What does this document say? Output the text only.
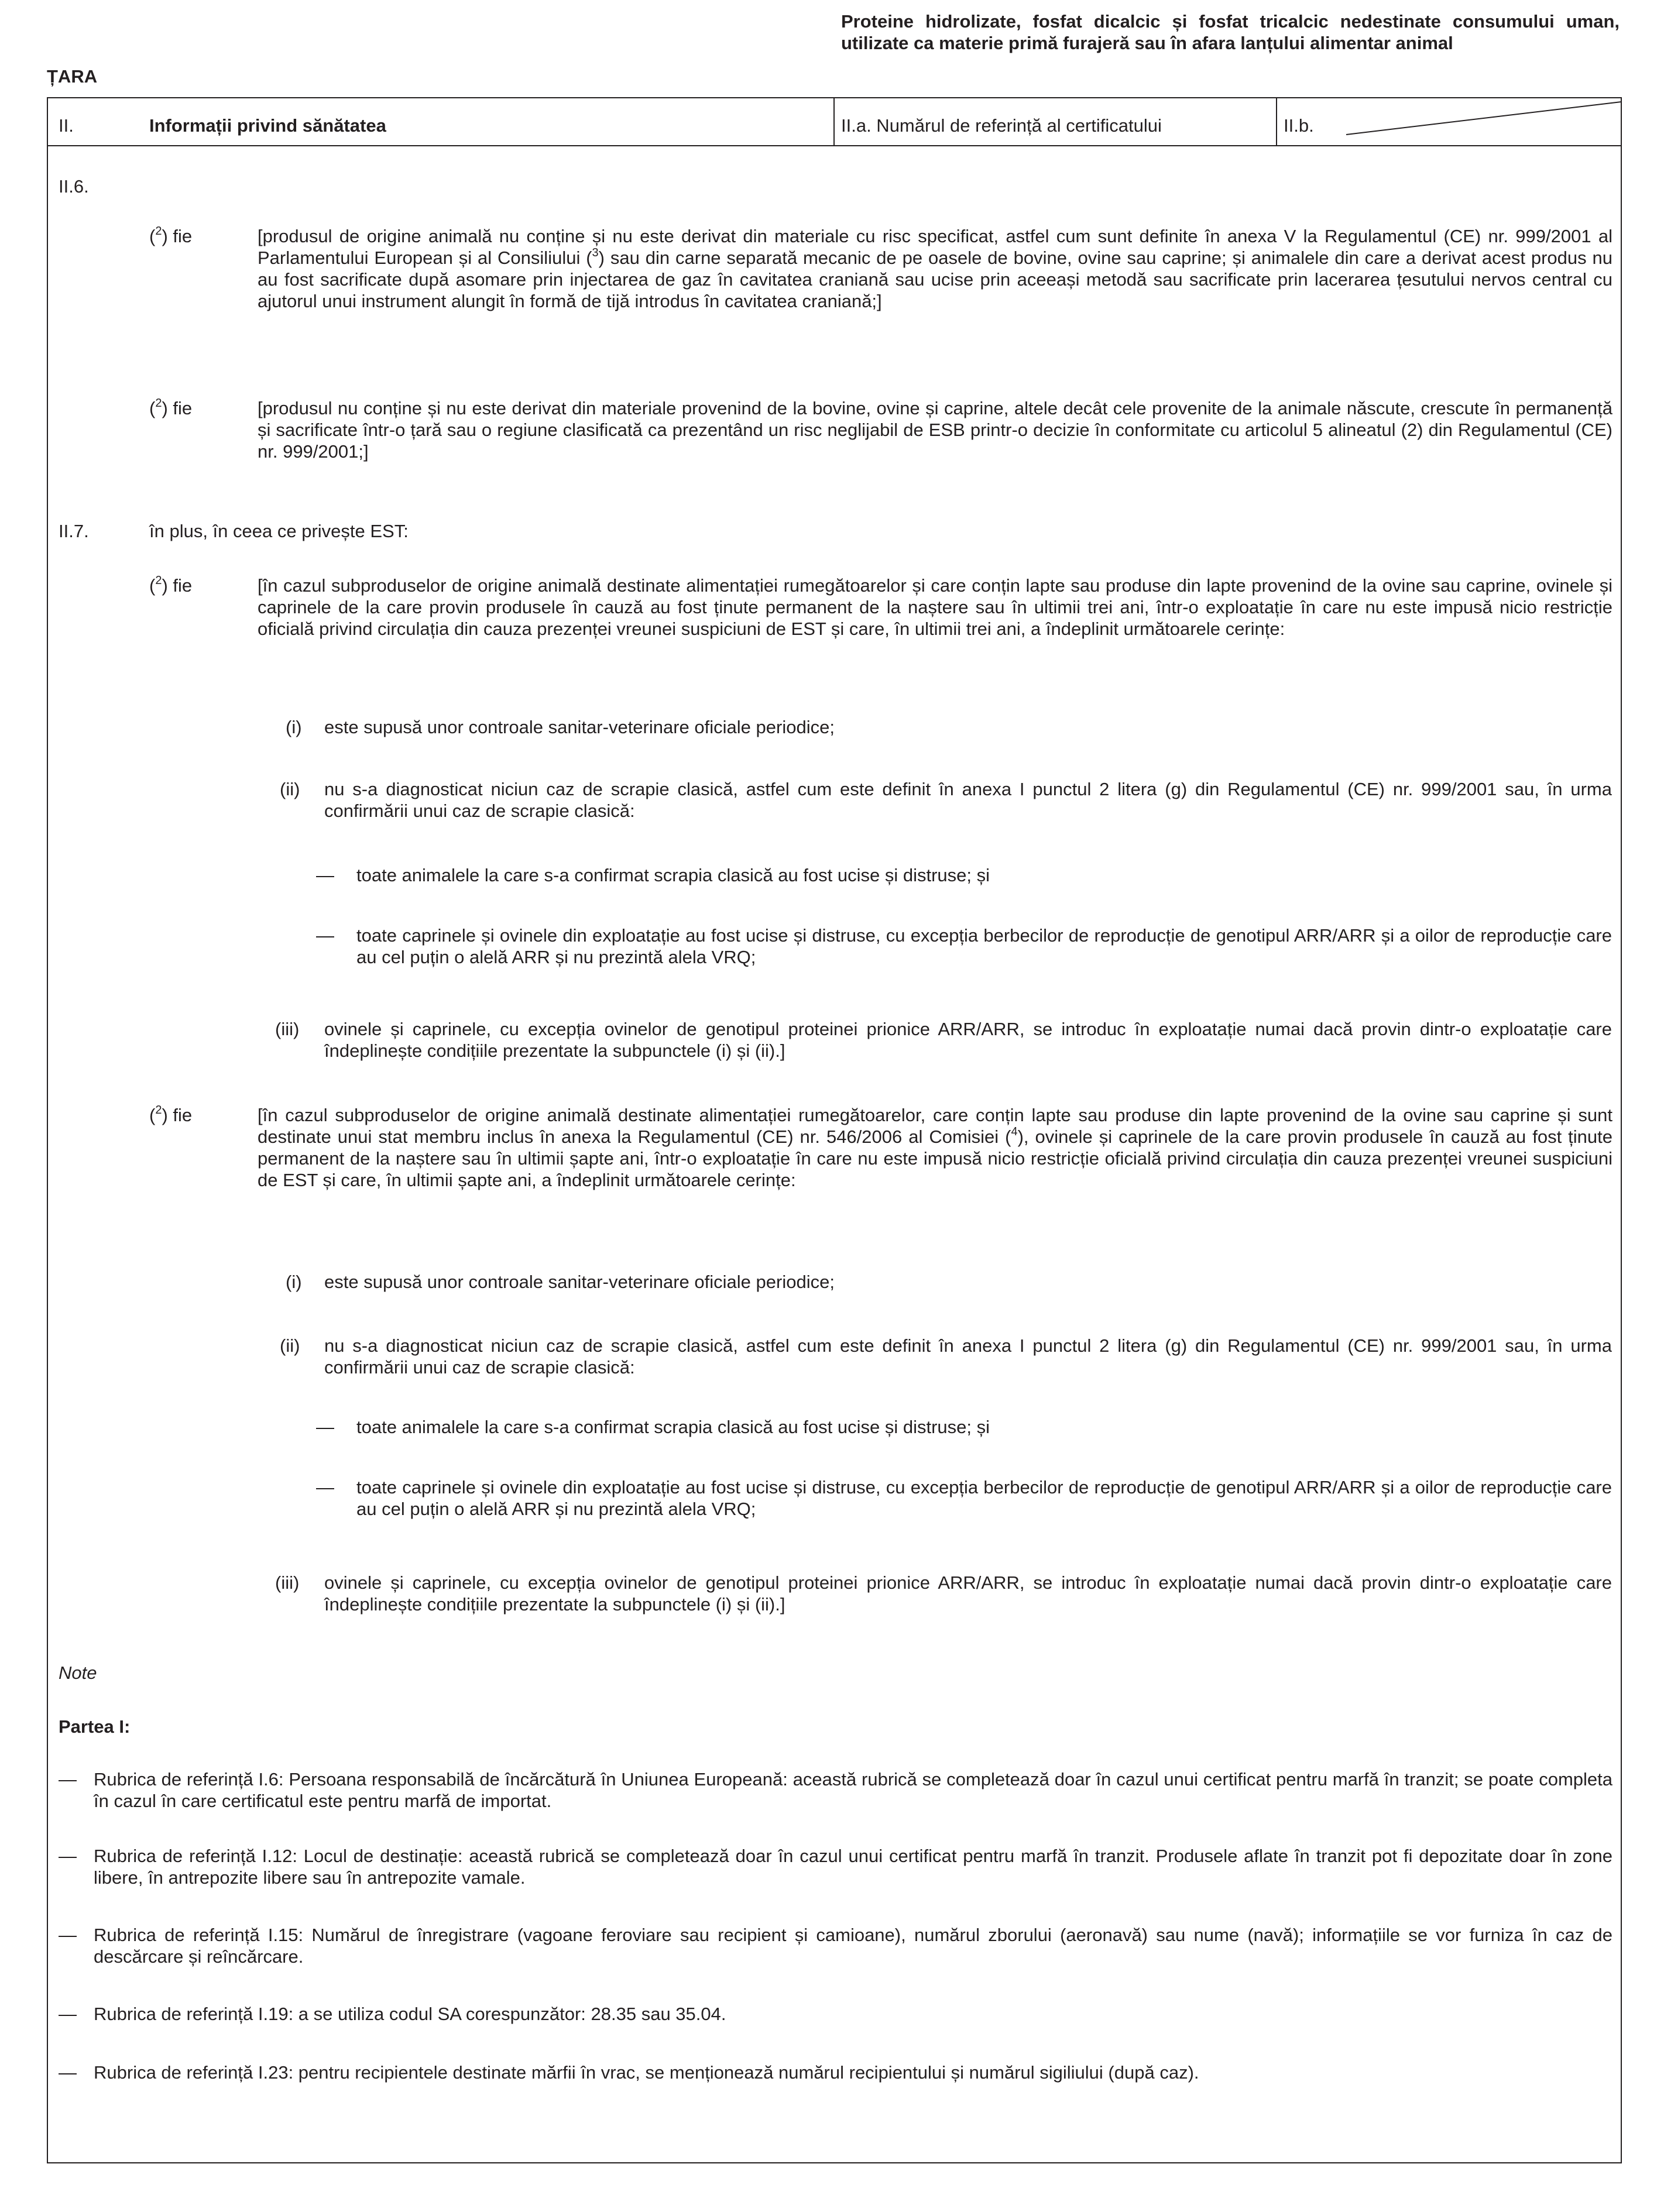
ȚARA
Proteine hidrolizate, fosfat dicalcic și fosfat tricalcic nedestinate consumului uman, utilizate ca materie primă furajeră sau în afara lanțului alimentar animal
II.	Informații privind sănătatea	II.a. Numărul de referință al certificatului	II.b.
II.6.
($^2$) fie	[produsul de origine animală nu conține și nu este derivat din materiale cu risc specificat, astfel cum sunt definite în anexa V la Regulamentul (CE) nr. 999/2001 al Parlamentului European și al Consiliului ($^3$) sau din carne separată mecanic de pe oasele de bovine, ovine sau caprine; și animalele din care a derivat acest produs nu au fost sacrificate după asomare prin injectarea de gaz în cavitatea craniană sau ucise prin aceeași metodă sau sacrificate prin lacerarea țesutului nervos central cu ajutorul unui instrument alungit în formă de tijă introdus în cavitatea craniană;]
($^2$) fie	[produsul nu conține și nu este derivat din materiale provenind de la bovine, ovine și caprine, altele decât cele provenite de la animale născute, crescute în permanență și sacrificate într-o țară sau o regiune clasificată ca prezentând un risc neglijabil de ESB printr-o decizie în conformitate cu articolul 5 alineatul (2) din Regulamentul (CE) nr. 999/2001;]
II.7.	în plus, în ceea ce privește EST:
($^2$) fie	[în cazul subproduselor de origine animală destinate alimentației rumegătoarelor și care conțin lapte sau produse din lapte provenind de la ovine sau caprine, ovinele și caprinele de la care provin produsele în cauză au fost ținute permanent de la naștere sau în ultimii trei ani, într-o exploatație în care nu este impusă nicio restricție oficială privind circulația din cauza prezenței vreunei suspiciuni de EST și care, în ultimii trei ani, a îndeplinit următoarele cerințe:
(i) este supusă unor controale sanitar-veterinare oficiale periodice;
(ii) nu s-a diagnosticat niciun caz de scrapie clasică, astfel cum este definit în anexa I punctul 2 litera (g) din Regulamentul (CE) nr. 999/2001 sau, în urma confirmării unui caz de scrapie clasică:
— toate animalele la care s-a confirmat scrapia clasică au fost ucise și distruse; și
— toate caprinele și ovinele din exploatație au fost ucise și distruse, cu excepția berbecilor de reproducție de genotipul ARR/ARR și a oilor de reproducție care au cel puțin o alelă ARR și nu prezintă alela VRQ;
(iii) ovinele și caprinele, cu excepția ovinelor de genotipul proteinei prionice ARR/ARR, se introduc în exploatație numai dacă provin dintr-o exploatație care îndeplinește condițiile prezentate la subpunctele (i) și (ii).]
($^2$) fie	[în cazul subproduselor de origine animală destinate alimentației rumegătoarelor, care conțin lapte sau produse din lapte provenind de la ovine sau caprine și sunt destinate unui stat membru inclus în anexa la Regulamentul (CE) nr. 546/2006 al Comisiei ($^4$), ovinele și caprinele de la care provin produsele în cauză au fost ținute permanent de la naștere sau în ultimii șapte ani, într-o exploatație în care nu este impusă nicio restricție oficială privind circulația din cauza prezenței vreunei suspiciuni de EST și care, în ultimii șapte ani, a îndeplinit următoarele cerințe:
(i) este supusă unor controale sanitar-veterinare oficiale periodice;
(ii) nu s-a diagnosticat niciun caz de scrapie clasică, astfel cum este definit în anexa I punctul 2 litera (g) din Regulamentul (CE) nr. 999/2001 sau, în urma confirmării unui caz de scrapie clasică:
— toate animalele la care s-a confirmat scrapia clasică au fost ucise și distruse; și
— toate caprinele și ovinele din exploatație au fost ucise și distruse, cu excepția berbecilor de reproducție de genotipul ARR/ARR și a oilor de reproducție care au cel puțin o alelă ARR și nu prezintă alela VRQ;
(iii) ovinele și caprinele, cu excepția ovinelor de genotipul proteinei prionice ARR/ARR, se introduc în exploatație numai dacă provin dintr-o exploatație care îndeplinește condițiile prezentate la subpunctele (i) și (ii).]
Note
Partea I:
— Rubrica de referință I.6: Persoana responsabilă de încărcătură în Uniunea Europeană: această rubrică se completează doar în cazul unui certificat pentru marfă în tranzit; se poate completa în cazul în care certificatul este pentru marfă de importat.
— Rubrica de referință I.12: Locul de destinație: această rubrică se completează doar în cazul unui certificat pentru marfă în tranzit. Produsele aflate în tranzit pot fi depozitate doar în zone libere, în antrepozite libere sau în antrepozite vamale.
— Rubrica de referință I.15: Numărul de înregistrare (vagoane feroviare sau recipient și camioane), numărul zborului (aeronavă) sau nume (navă); informațiile se vor furniza în caz de descărcare și reîncărcare.
— Rubrica de referință I.19: a se utiliza codul SA corespunzător: 28.35 sau 35.04.
— Rubrica de referință I.23: pentru recipientele destinate mărfii în vrac, se menționează numărul recipientului și numărul sigiliului (după caz).
